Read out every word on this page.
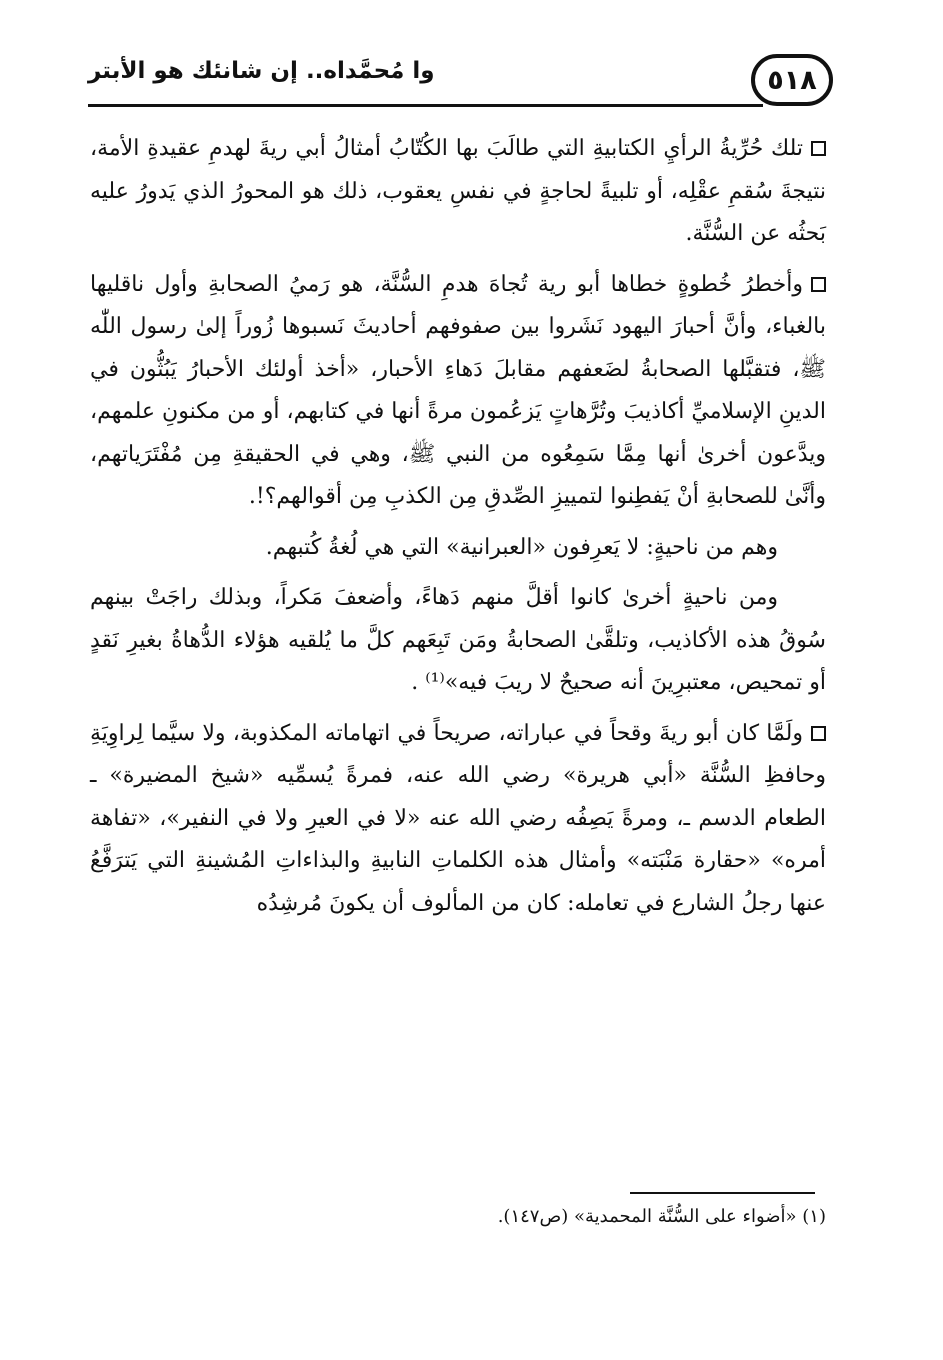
٥١٨
وا مُحمَّداه.. إن شانئك هو الأبتر

تلك حُرِّيةُ الرأيِ الكتابيةِ التي طالَبَ بها الكُتّابُ أمثالُ أبي ريةَ لهدمِ عقيدةِ الأمة، نتيجةَ سُقمِ عقْلِه، أو تلبيةً لحاجةٍ في نفسِ يعقوب، ذلك هو المحورُ الذي يَدورُ عليه بَحثُه عن السُّنَّة.

وأخطرُ خُطوةٍ خطاها أبو رية تُجاهَ هدمِ السُّنَّة، هو رَميُ الصحابةِ وأول ناقليها بالغباء، وأنَّ أحبارَ اليهود نَشَروا بين صفوفهم أحاديثَ نَسبوها زُوراً إلىٰ رسول اللّٰه ﷺ، فتقبَّلها الصحابةُ لضَعفهم مقابلَ دَهاءِ الأحبار، «أخذ أولئك الأحبارُ يَبُثُّون في الدينِ الإسلاميِّ أكاذيبَ وتُرَّهاتٍ يَزعُمون مرةً أنها في كتابهم، أو من مكنونِ علمهم، ويدَّعون أخرىٰ أنها مِمَّا سَمِعُوه من النبي ﷺ، وهي في الحقيقةِ مِن مُفْتَرَياتهم، وأنَّىٰ للصحابةِ أنْ يَفطِنوا لتمييزِ الصِّدقِ مِن الكذبِ مِن أقوالهم؟!.

وهم من ناحيةٍ: لا يَعرِفون «العبرانية» التي هي لُغةُ كُتبهم.

ومن ناحيةٍ أخرىٰ كانوا أقلَّ منهم دَهاءً، وأضعفَ مَكراً، وبذلك راجَتْ بينهم سُوقُ هذه الأكاذيب، وتلقَّىٰ الصحابةُ ومَن تَبِعَهم كلَّ ما يُلقيه هؤلاء الدُّهاةُ بغيرِ نَقدٍ أو تمحيص، معتبرِينَ أنه صحيحٌ لا ريبَ فيه»⁽¹⁾ .

ولَمَّا كان أبو ريةَ وقحاً في عباراته، صريحاً في اتهاماته المكذوبة، ولا سيَّما لِراوِيَةِ وحافظِ السُّنَّة «أبي هريرة» رضي الله عنه، فمرةً يُسمِّيه «شيخ المضيرة» ـ الطعام الدسم ـ، ومرةً يَصِفُه رضي الله عنه «لا في العيرِ ولا في النفير»، «تفاهة أمره» «حقارة مَنْبَته» وأمثال هذه الكلماتِ النابيةِ والبذاءاتِ المُشينةِ التي يَترَفَّعُ عنها رجلُ الشارع في تعامله: كان من المألوف أن يكونَ مُرشِدُه

(١) «أضواء على السُّنَّة المحمدية» (ص١٤٧).
